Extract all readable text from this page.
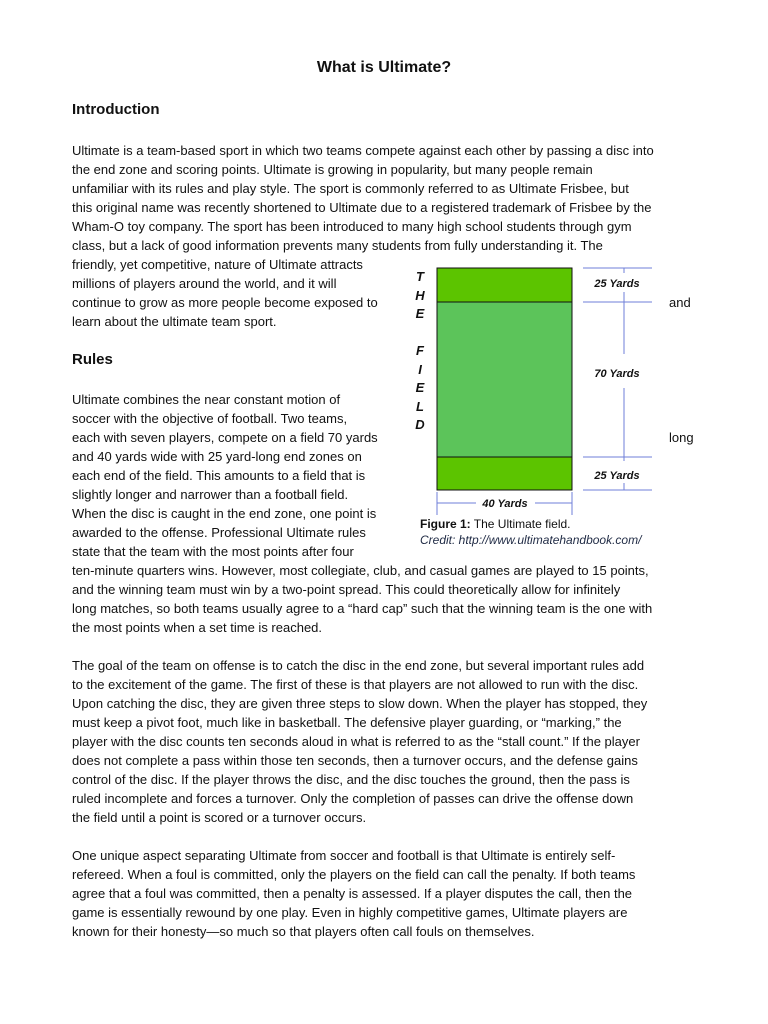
What is Ultimate?
Introduction
Ultimate is a team-based sport in which two teams compete against each other by passing a disc into
the end zone and scoring points. Ultimate is growing in popularity, but many people remain
unfamiliar with its rules and play style. The sport is commonly referred to as Ultimate Frisbee, but
this original name was recently shortened to Ultimate due to a registered trademark of Frisbee by the
Wham-O toy company. The sport has been introduced to many high school students through gym
class, but a lack of good information prevents many students from fully understanding it. The
friendly, yet competitive, nature of Ultimate attracts
millions of players around the world, and it will
continue to grow as more people become exposed to
learn about the ultimate team sport.
and
Rules
Ultimate combines the near constant motion of
soccer with the objective of football. Two teams,
each with seven players, compete on a field 70 yards
and 40 yards wide with 25 yard-long end zones on
each end of the field. This amounts to a field that is
slightly longer and narrower than a football field.
When the disc is caught in the end zone, one point is
awarded to the offense. Professional Ultimate rules
state that the team with the most points after four
long
ten-minute quarters wins. However, most collegiate, club, and casual games are played to 15 points,
and the winning team must win by a two-point spread. This could theoretically allow for infinitely
long matches, so both teams usually agree to a “hard cap” such that the winning team is the one with
the most points when a set time is reached.
The goal of the team on offense is to catch the disc in the end zone, but several important rules add
to the excitement of the game. The first of these is that players are not allowed to run with the disc.
Upon catching the disc, they are given three steps to slow down. When the player has stopped, they
must keep a pivot foot, much like in basketball. The defensive player guarding, or “marking,” the
player with the disc counts ten seconds aloud in what is referred to as the “stall count.” If the player
does not complete a pass within those ten seconds, then a turnover occurs, and the defense gains
control of the disc. If the player throws the disc, and the disc touches the ground, then the pass is
ruled incomplete and forces a turnover. Only the completion of passes can drive the offense down
the field until a point is scored or a turnover occurs.
One unique aspect separating Ultimate from soccer and football is that Ultimate is entirely self-
refereed. When a foul is committed, only the players on the field can call the penalty. If both teams
agree that a foul was committed, then a penalty is assessed. If a player disputes the call, then the
game is essentially rewound by one play. Even in highly competitive games, Ultimate players are
known for their honesty—so much so that players often call fouls on themselves.
T
H
E
F
I
E
L
D
25 Yards
70 Yards
25 Yards
40 Yards
Figure 1: The Ultimate field.
Credit: http://www.ultimatehandbook.com/
